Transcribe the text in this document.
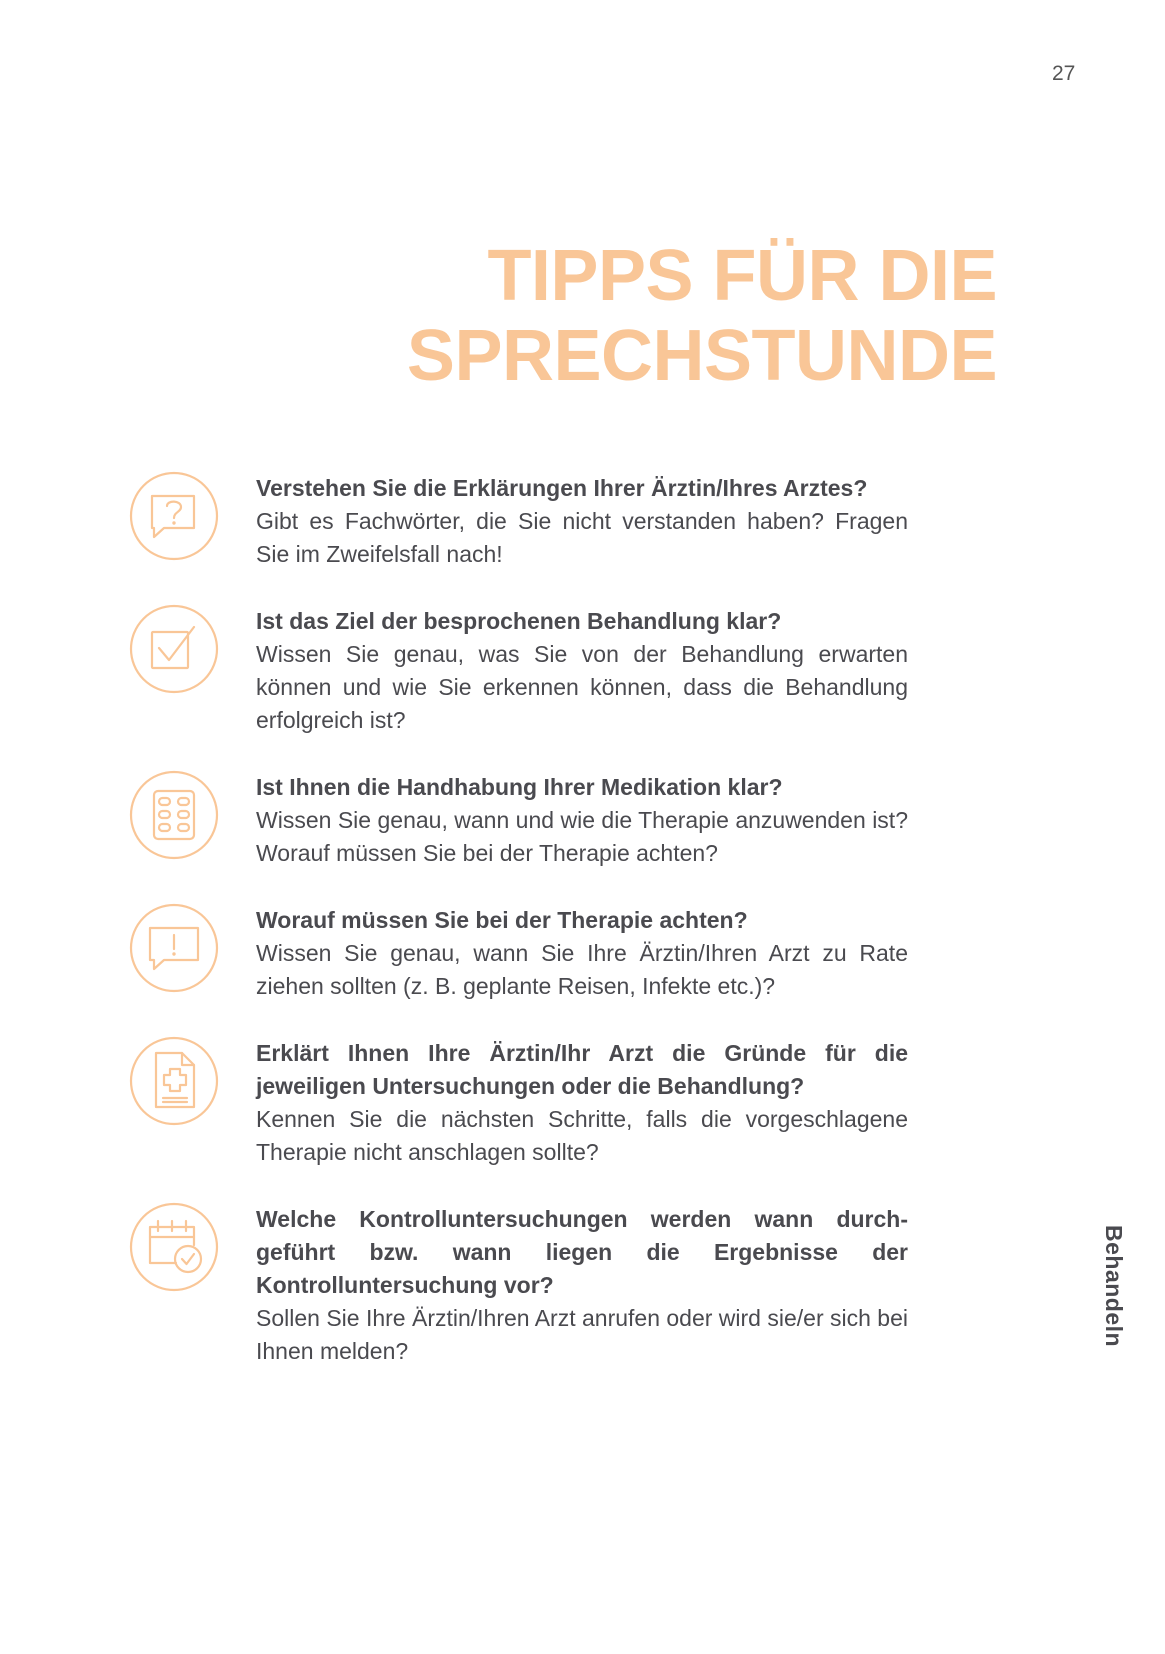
27
TIPPS FÜR DIE
SPRECHSTUNDE
Behandeln
Verstehen Sie die Erklärungen Ihrer Ärztin/Ihres Arztes?
Gibt es Fachwörter, die Sie nicht verstanden haben? Fragen Sie im Zweifelsfall nach!
Ist das Ziel der besprochenen Behandlung klar?
Wissen Sie genau, was Sie von der Behandlung erwarten können und wie Sie erkennen können, dass die Behandlung erfolgreich ist?
Ist Ihnen die Handhabung Ihrer Medikation klar?
Wissen Sie genau, wann und wie die Therapie anzuwenden ist? Worauf müssen Sie bei der Therapie achten?
Worauf müssen Sie bei der Therapie achten?
Wissen Sie genau, wann Sie Ihre Ärztin/Ihren Arzt zu Rate ziehen sollten (z. B. geplante Reisen, Infekte etc.)?
Erklärt Ihnen Ihre Ärztin/Ihr Arzt die Gründe für die jeweiligen Untersuchungen oder die Behandlung?
Kennen Sie die nächsten Schritte, falls die vorgeschlagene Therapie nicht anschlagen sollte?
Welche Kontrolluntersuchungen werden wann durch-geführt bzw. wann liegen die Ergebnisse der Kontrolluntersuchung vor?
Sollen Sie Ihre Ärztin/Ihren Arzt anrufen oder wird sie/er sich bei Ihnen melden?
